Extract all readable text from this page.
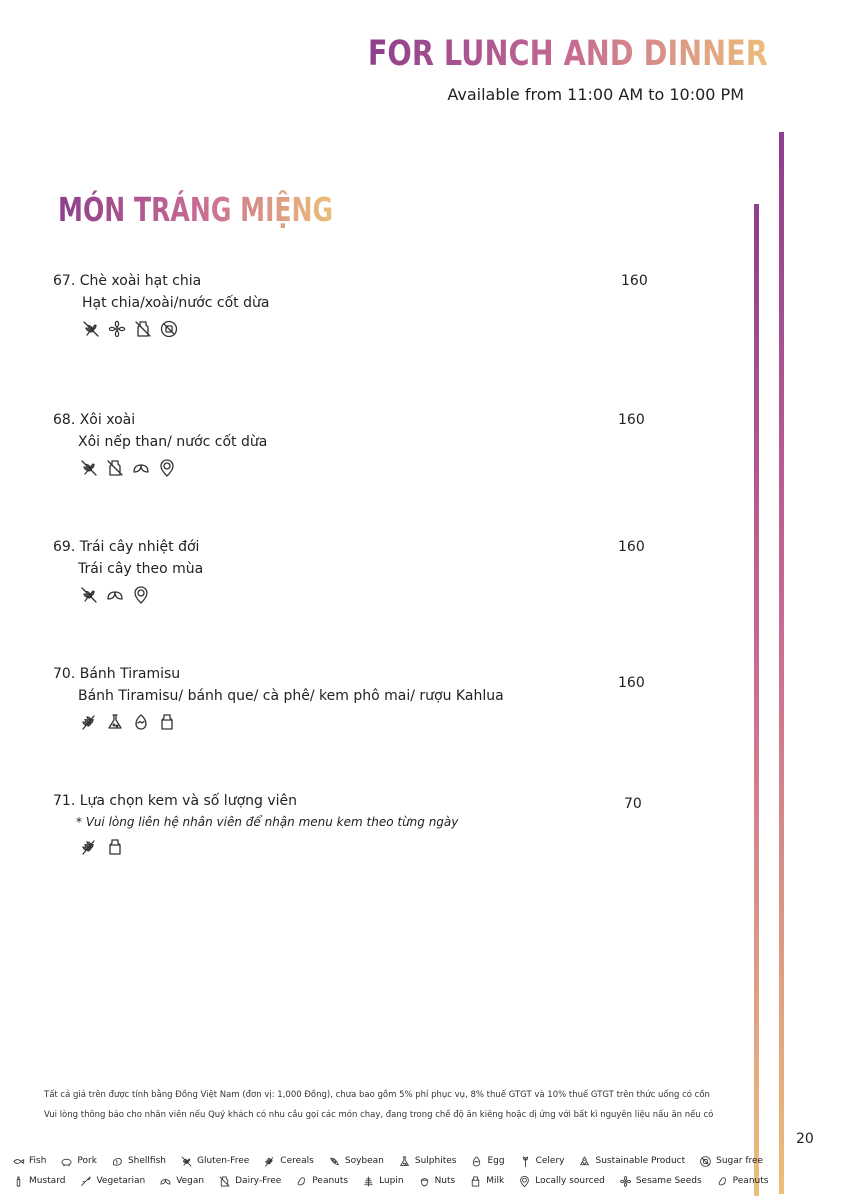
FOR LUNCH AND DINNER
Available from 11:00 AM to 10:00 PM
MÓN TRÁNG MIỆNG
67. Chè xoài hạt chia
Hạt chia/xoài/nước cốt dừa
160
68. Xôi xoài
Xôi nếp than/ nước cốt dừa
160
69. Trái cây nhiệt đới
Trái cây theo mùa
160
70. Bánh Tiramisu
Bánh Tiramisu/ bánh que/ cà phê/ kem phô mai/ rượu Kahlua
160
71. Lựa chọn kem và số lượng viên
* Vui lòng liên hệ nhân viên để nhận menu kem theo từng ngày
70
Tất cả giá trên được tính bằng Đồng Việt Nam (đơn vị: 1,000 Đồng), chưa bao gồm 5% phí phục vụ, 8% thuế GTGT và 10% thuế GTGT trên thức uống có cồn
Vui lòng thông báo cho nhân viên nếu Quý khách có nhu cầu gọi các món chay, đang trong chế độ ăn kiêng hoặc dị ứng với bất kì nguyên liệu nấu ăn nếu có
20
Fish	Pork	Shellfish	Gluten-Free	Cereals	Soybean	Sulphites	Egg	Celery	Sustainable Product	Sugar free
Mustard	Vegetarian	Vegan	Dairy-Free	Peanuts	Lupin	Nuts	Milk	Locally sourced	Sesame Seeds	Peanuts
